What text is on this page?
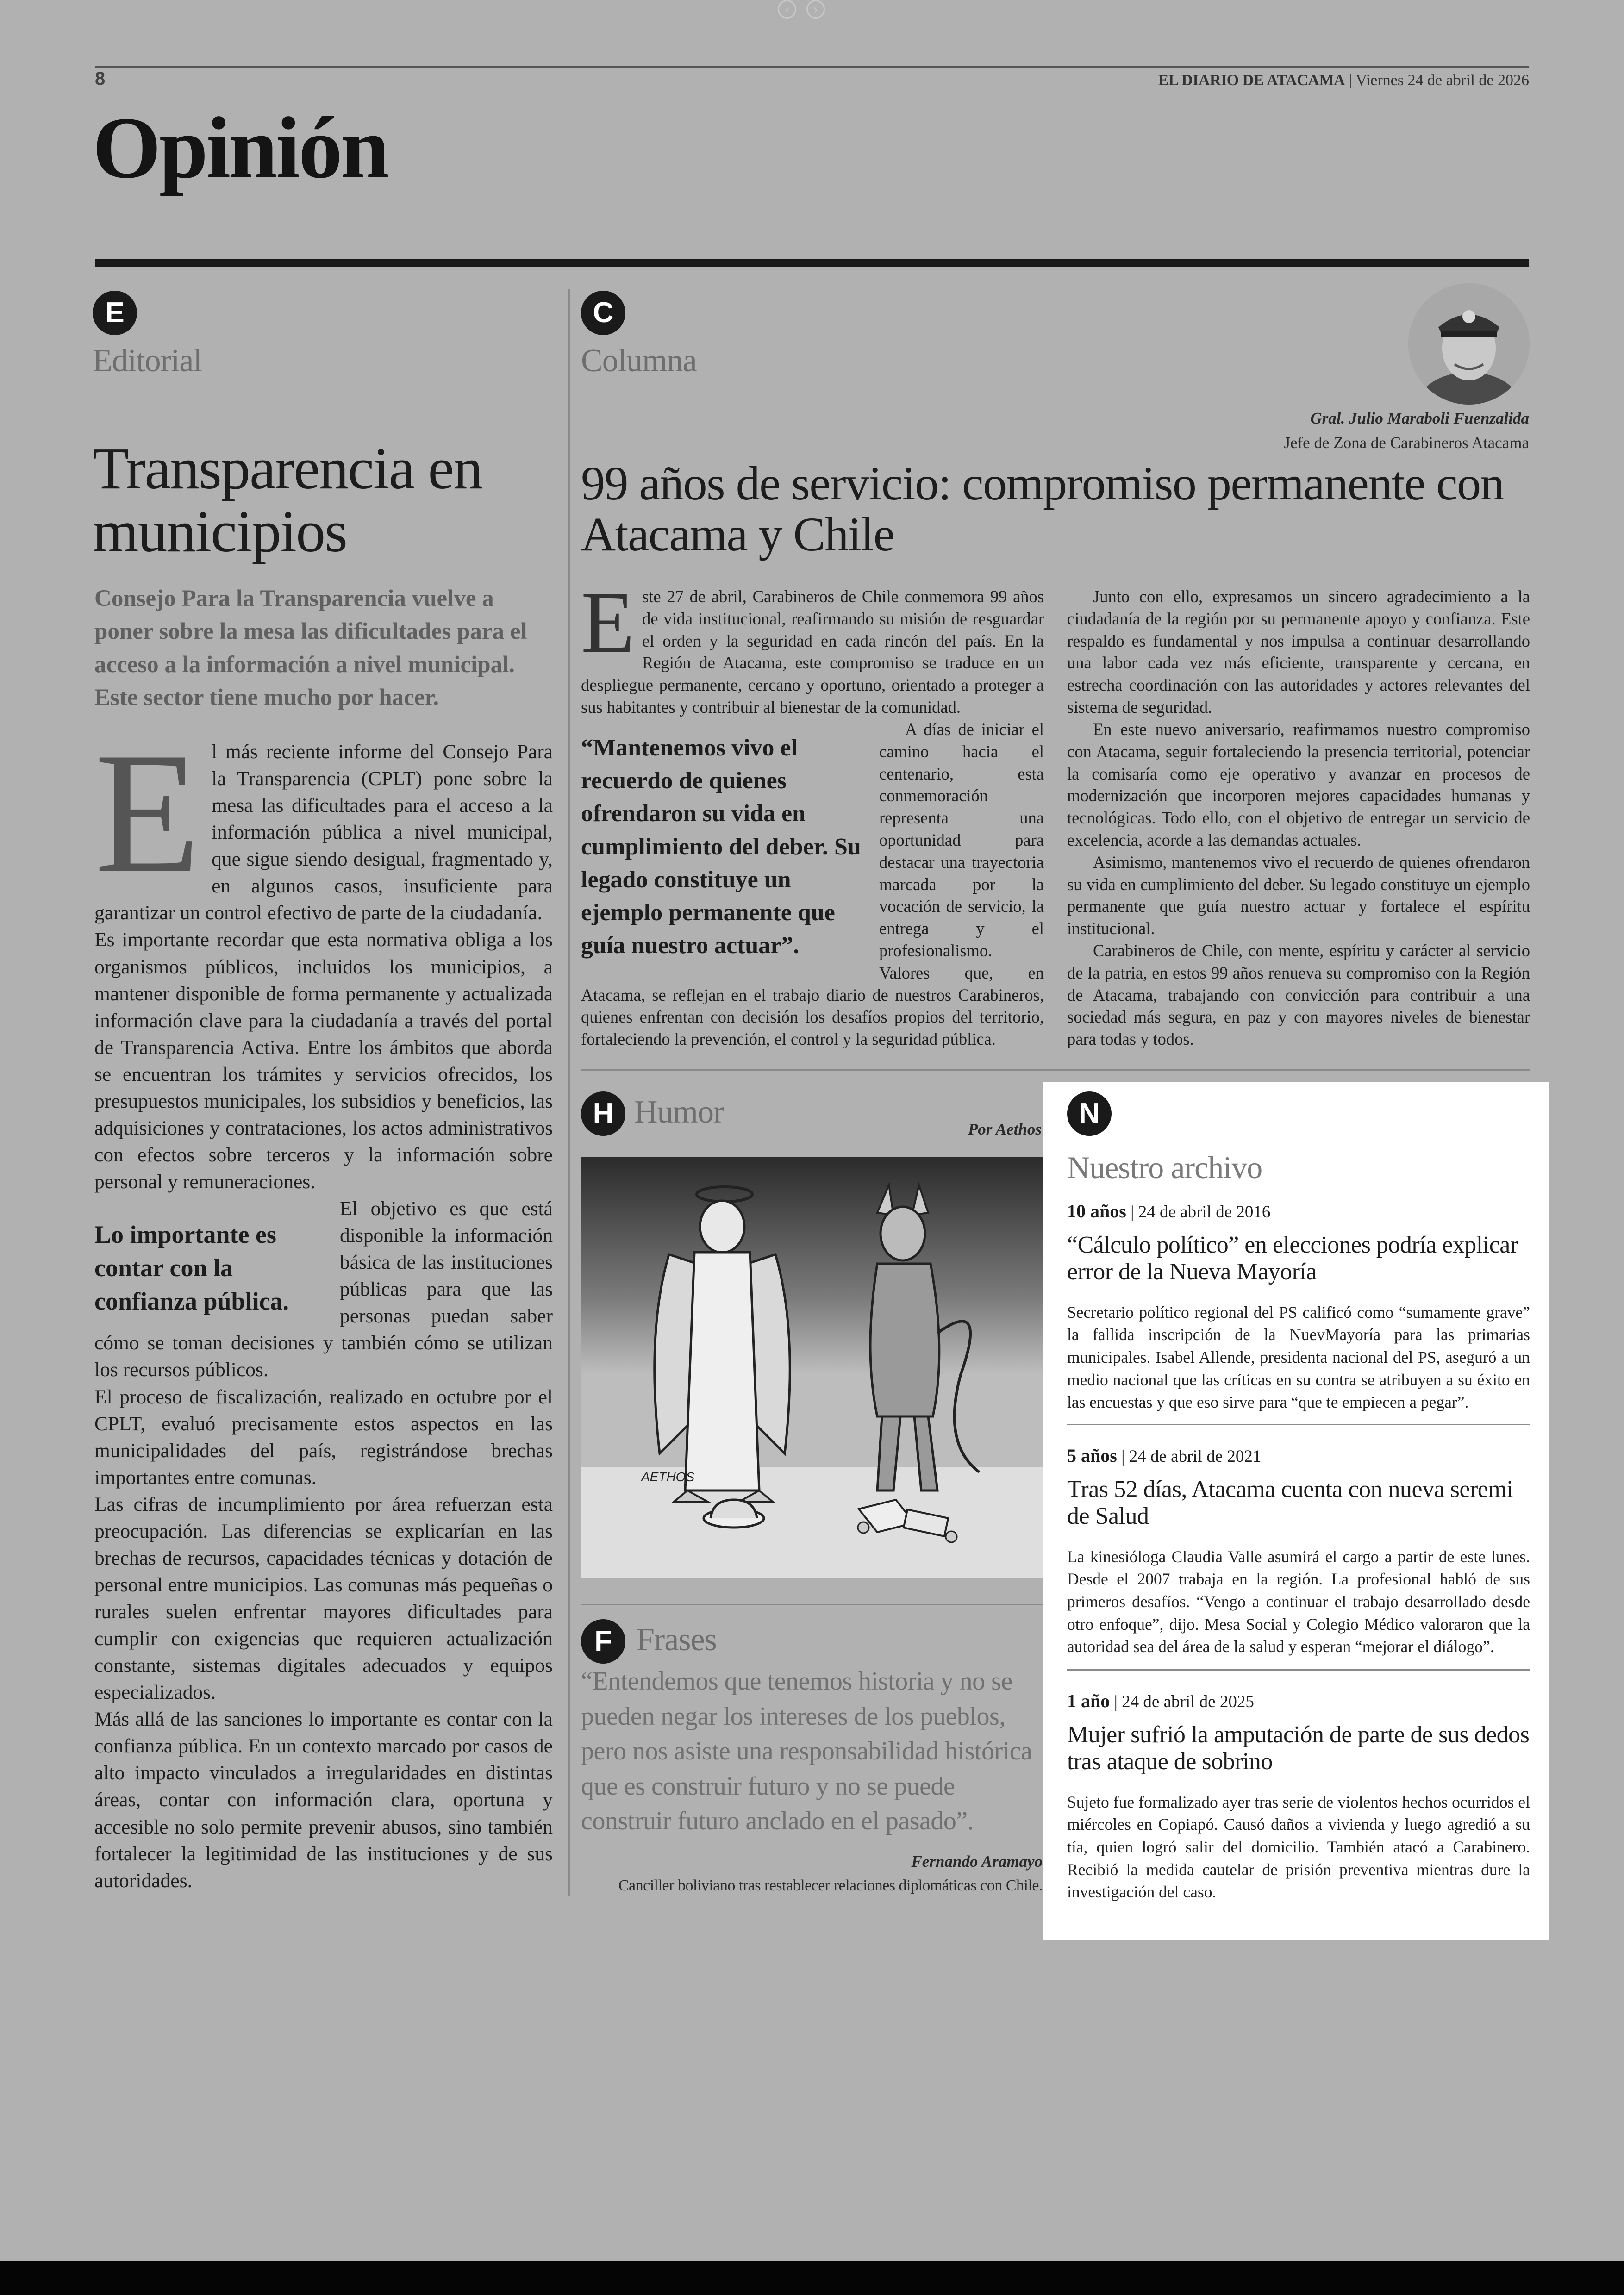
‹ ›
8	EL DIARIO DE ATACAMA | Viernes 24 de abril de 2026
Opinión
E
Editorial
Transparencia en municipios
Consejo Para la Transparencia vuelve a poner sobre la mesa las dificultades para el acceso a la información a nivel municipal. Este sector tiene mucho por hacer.
E l más reciente informe del Consejo Para la Transparencia (CPLT) pone sobre la mesa las dificultades para el acceso a la información pública a nivel municipal, que sigue siendo desigual, fragmentado y, en algunos casos, insuficiente para garantizar un control efectivo de parte de la ciudadanía.

Es importante recordar que esta normativa obliga a los organismos públicos, incluidos los municipios, a mantener disponible de forma permanente y actualizada información clave para la ciudadanía a través del portal de Transparencia Activa. Entre los ámbitos que aborda se encuentran los trámites y servicios ofrecidos, los presupuestos municipales, los subsidios y beneficios, las adquisiciones y contrataciones, los actos administrativos con efectos sobre terceros y la información sobre personal y remuneraciones.

Lo importante es contar con la confianza pública.

El objetivo es que está disponible la información básica de las instituciones públicas para que las personas puedan saber cómo se toman decisiones y también cómo se utilizan los recursos públicos.

El proceso de fiscalización, realizado en octubre por el CPLT, evaluó precisamente estos aspectos en las municipalidades del país, registrándose brechas importantes entre comunas.

Las cifras de incumplimiento por área refuerzan esta preocupación. Las diferencias se explicarían en las brechas de recursos, capacidades técnicas y dotación de personal entre municipios. Las comunas más pequeñas o rurales suelen enfrentar mayores dificultades para cumplir con exigencias que requieren actualización constante, sistemas digitales adecuados y equipos especializados.

Más allá de las sanciones lo importante es contar con la confianza pública. En un contexto marcado por casos de alto impacto vinculados a irregularidades en distintas áreas, contar con información clara, oportuna y accesible no solo permite prevenir abusos, sino también fortalecer la legitimidad de las instituciones y de sus autoridades.

C
Columna
Gral. Julio Maraboli Fuenzalida
Jefe de Zona de Carabineros Atacama
99 años de servicio: compromiso permanente con Atacama y Chile
E ste 27 de abril, Carabineros de Chile conmemora 99 años de vida institucional, reafirmando su misión de resguardar el orden y la seguridad en cada rincón del país. En la Región de Atacama, este compromiso se traduce en un despliegue permanente, cercano y oportuno, orientado a proteger a sus habitantes y contribuir al bienestar de la comunidad.

“Mantenemos vivo el recuerdo de quienes ofrendaron su vida en cumplimiento del deber. Su legado constituye un ejemplo permanente que guía nuestro actuar”.

A días de iniciar el camino hacia el centenario, esta conmemoración representa una oportunidad para destacar una trayectoria marcada por la vocación de servicio, la entrega y el profesionalismo. Valores que, en Atacama, se reflejan en el trabajo diario de nuestros Carabineros, quienes enfrentan con decisión los desafíos propios del territorio, fortaleciendo la prevención, el control y la seguridad pública.

Junto con ello, expresamos un sincero agradecimiento a la ciudadanía de la región por su permanente apoyo y confianza. Este respaldo es fundamental y nos impulsa a continuar desarrollando una labor cada vez más eficiente, transparente y cercana, en estrecha coordinación con las autoridades y actores relevantes del sistema de seguridad.

En este nuevo aniversario, reafirmamos nuestro compromiso con Atacama, seguir fortaleciendo la presencia territorial, potenciar la comisaría como eje operativo y avanzar en procesos de modernización que incorporen mejores capacidades humanas y tecnológicas. Todo ello, con el objetivo de entregar un servicio de excelencia, acorde a las demandas actuales.

Asimismo, mantenemos vivo el recuerdo de quienes ofrendaron su vida en cumplimiento del deber. Su legado constituye un ejemplo permanente que guía nuestro actuar y fortalece el espíritu institucional.

Carabineros de Chile, con mente, espíritu y carácter al servicio de la patria, en estos 99 años renueva su compromiso con la Región de Atacama, trabajando con convicción para contribuir a una sociedad más segura, en paz y con mayores niveles de bienestar para todas y todos.

H Humor	Por Aethos
AETHOS
F Frases
“Entendemos que tenemos historia y no se pueden negar los intereses de los pueblos, pero nos asiste una responsabilidad histórica que es construir futuro y no se puede construir futuro anclado en el pasado”.
Fernando Aramayo
Canciller boliviano tras restablecer relaciones diplomáticas con Chile.
N
Nuestro archivo
10 años | 24 de abril de 2016
“Cálculo político” en elecciones podría explicar error de la Nueva Mayoría
Secretario político regional del PS calificó como “sumamente grave” la fallida inscripción de la NuevMayoría para las primarias municipales. Isabel Allende, presidenta nacional del PS, aseguró a un medio nacional que las críticas en su contra se atribuyen a su éxito en las encuestas y que eso sirve para “que te empiecen a pegar”.
5 años | 24 de abril de 2021
Tras 52 días, Atacama cuenta con nueva seremi de Salud
La kinesióloga Claudia Valle asumirá el cargo a partir de este lunes. Desde el 2007 trabaja en la región. La profesional habló de sus primeros desafíos. “Vengo a continuar el trabajo desarrollado desde otro enfoque”, dijo. Mesa Social y Colegio Médico valoraron que la autoridad sea del área de la salud y esperan “mejorar el diálogo”.
1 año | 24 de abril de 2025
Mujer sufrió la amputación de parte de sus dedos tras ataque de sobrino
Sujeto fue formalizado ayer tras serie de violentos hechos ocurridos el miércoles en Copiapó. Causó daños a vivienda y luego agredió a su tía, quien logró salir del domicilio. También atacó a Carabinero. Recibió la medida cautelar de prisión preventiva mientras dure la investigación del caso.
